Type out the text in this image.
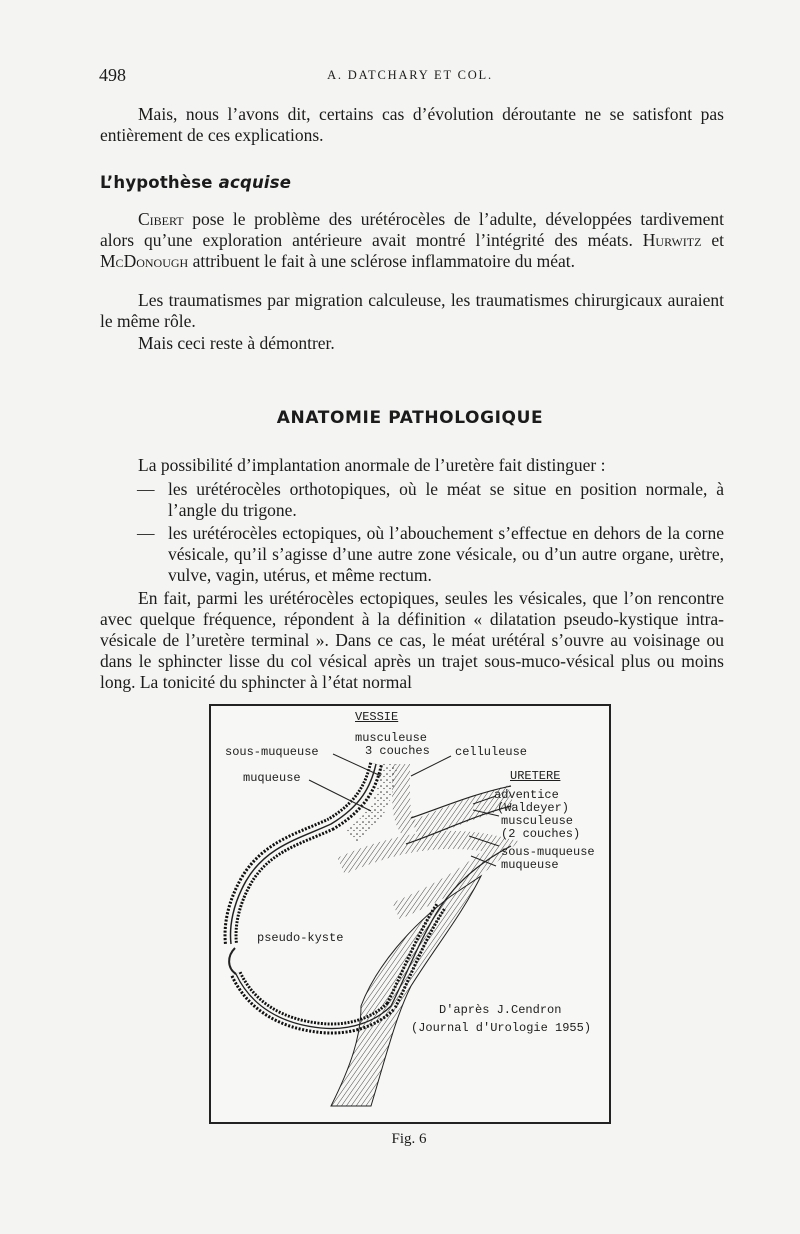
498	A. DATCHARY ET COL.
Mais, nous l’avons dit, certains cas d’évolution déroutante ne se satisfont pas entièrement de ces explications.
L’hypothèse acquise
Cibert pose le problème des urétérocèles de l’adulte, développées tardivement alors qu’une exploration antérieure avait montré l’intégrité des méats. Hurwitz et McDonough attribuent le fait à une sclérose inflammatoire du méat.
Les traumatismes par migration calculeuse, les traumatismes chirurgicaux auraient le même rôle.
Mais ceci reste à démontrer.
ANATOMIE PATHOLOGIQUE
La possibilité d’implantation anormale de l’uretère fait distinguer :
— les urétérocèles orthotopiques, où le méat se situe en position normale, à l’angle du trigone.
— les urétérocèles ectopiques, où l’abouchement s’effectue en dehors de la corne vésicale, qu’il s’agisse d’une autre zone vésicale, ou d’un autre organe, urètre, vulve, vagin, utérus, et même rectum.
En fait, parmi les urétérocèles ectopiques, seules les vésicales, que l’on rencontre avec quelque fréquence, répondent à la définition « dilatation pseudo-kystique intra-vésicale de l’uretère terminal ». Dans ce cas, le méat urétéral s’ouvre au voisinage ou dans le sphincter lisse du col vésical après un trajet sous-muco-vésical plus ou moins long. La tonicité du sphincter à l’état normal
VESSIE
musculeuse
3 couches
sous-muqueuse	celluleuse
muqueuse	URETERE
adventice
(Waldeyer)
musculeuse
(2 couches)
sous-muqueuse
muqueuse
pseudo-kyste
D'après J.Cendron
(Journal d'Urologie 1955)
Fig. 6
